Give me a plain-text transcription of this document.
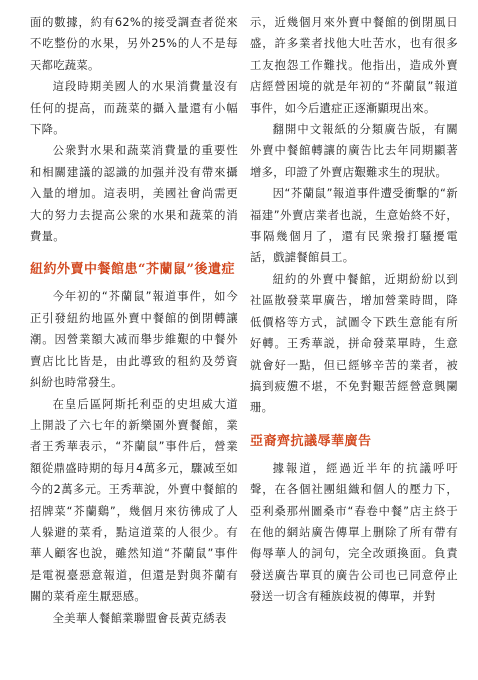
面的數據，約有62%的接受調查者從來不吃整份的水果，另外25%的人不是每天都吃蔬菜。

這段時期美國人的水果消費量沒有任何的提高，而蔬菜的攝入量還有小幅下降。

公衆對水果和蔬菜消費量的重要性和相關建議的認識的加强并没有帶來攝入量的增加。這表明，美國社會尚需更大的努力去提高公衆的水果和蔬菜的消費量。

紐約外賣中餐館患“芥蘭鼠”後遺症

今年初的“芥蘭鼠”報道事件，如今正引發紐約地區外賣中餐館的倒閉轉讓潮。因營業額大减而舉步維艱的中餐外賣店比比皆是，由此導致的租約及勞資糾紛也時常發生。

在皇后區阿斯托利亞的史坦威大道上開設了六七年的新樂園外賣餐館，業者王秀華表示，“芥蘭鼠”事件后，營業額從鼎盛時期的每月4萬多元，驟减至如今的2萬多元。王秀華說，外賣中餐館的招牌菜“芥蘭鷄”，幾個月來彷彿成了人人躲避的菜肴，點這道菜的人很少。有華人顧客也說，雖然知道“芥蘭鼠”事件是電視臺惡意報道，但還是對與芥蘭有關的菜肴産生厭惡感。

全美華人餐館業聯盟會長黃克綉表

示，近幾個月來外賣中餐館的倒閉風日盛，許多業者找他大吐苦水，也有很多工友抱怨工作難找。他指出，造成外賣店經營困境的就是年初的“芥蘭鼠”報道事件，如今后遺症正逐漸顯現出來。

翻開中文報紙的分類廣告版，有關外賣中餐館轉讓的廣告比去年同期顯著增多，印證了外賣店艱難求生的現狀。

因“芥蘭鼠”報道事件遭受衝擊的“新福建”外賣店業者也説，生意始終不好，事隔幾個月了，還有民衆撥打騷擾電話，戲謔餐館員工。

紐約的外賣中餐館，近期紛紛以到社區散發菜單廣告，增加營業時間，降低價格等方式，試圖令下跌生意能有所好轉。王秀華説，拼命發菜單時，生意就會好一點，但已經够辛苦的業者，被搞到疲憊不堪，不免對艱苦經營意興闌珊。

亞裔齊抗議辱華廣告

據報道，經過近半年的抗議呼吁聲，在各個社團組織和個人的壓力下，亞利桑那州圖桑市“春卷中餐”店主終于在他的網站廣告傳單上删除了所有帶有侮辱華人的詞句，完全改頭換面。負責發送廣告單頁的廣告公司也已同意停止發送一切含有種族歧視的傳單，并對
